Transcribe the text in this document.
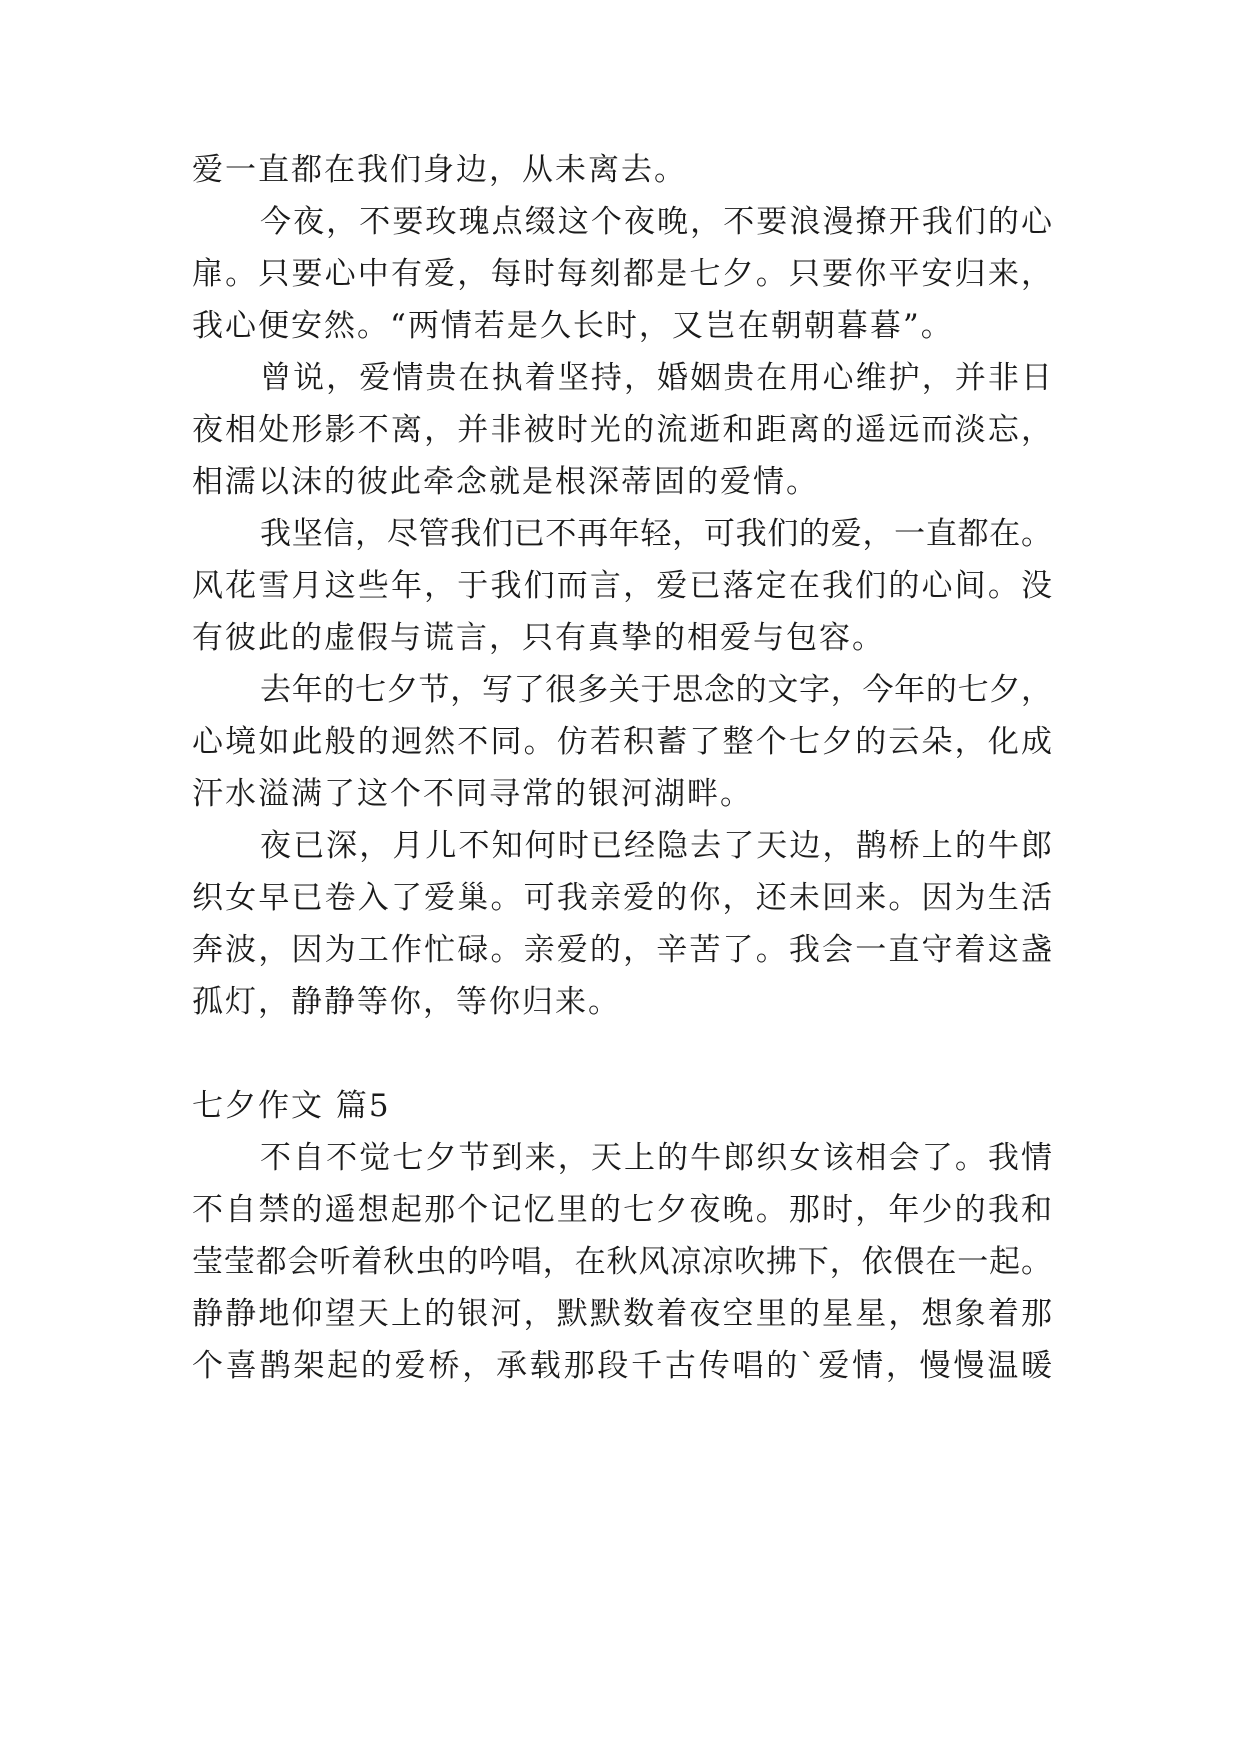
爱一直都在我们身边，从未离去。
今夜，不要玫瑰点缀这个夜晚，不要浪漫撩开我们的心
扉。只要心中有爱，每时每刻都是七夕。只要你平安归来，
我心便安然。“两情若是久长时，又岂在朝朝暮暮”。
曾说，爱情贵在执着坚持，婚姻贵在用心维护，并非日
夜相处形影不离，并非被时光的流逝和距离的遥远而淡忘，
相濡以沫的彼此牵念就是根深蒂固的爱情。
我坚信，尽管我们已不再年轻，可我们的爱，一直都在。
风花雪月这些年，于我们而言，爱已落定在我们的心间。没
有彼此的虚假与谎言，只有真挚的相爱与包容。
去年的七夕节，写了很多关于思念的文字，今年的七夕，
心境如此般的迥然不同。仿若积蓄了整个七夕的云朵，化成
汗水溢满了这个不同寻常的银河湖畔。
夜已深，月儿不知何时已经隐去了天边，鹊桥上的牛郎
织女早已卷入了爱巢。可我亲爱的你，还未回来。因为生活
奔波，因为工作忙碌。亲爱的，辛苦了。我会一直守着这盏
孤灯，静静等你，等你归来。
七夕作文 篇5
不自不觉七夕节到来，天上的牛郎织女该相会了。我情
不自禁的遥想起那个记忆里的七夕夜晚。那时，年少的我和
莹莹都会听着秋虫的吟唱，在秋风凉凉吹拂下，依偎在一起。
静静地仰望天上的银河，默默数着夜空里的星星，想象着那
个喜鹊架起的爱桥，承载那段千古传唱的`爱情，慢慢温暖
